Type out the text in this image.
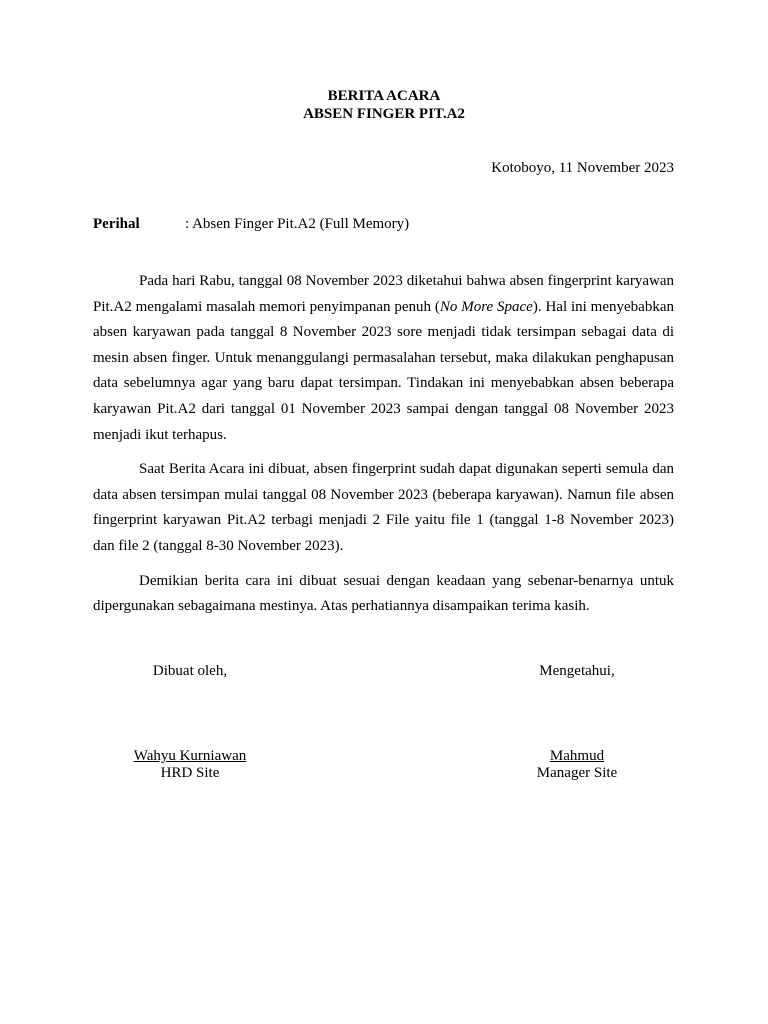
BERITA ACARA
ABSEN FINGER PIT.A2
Kotoboyo, 11 November 2023
Perihal	: Absen Finger Pit.A2 (Full Memory)

Pada hari Rabu, tanggal 08 November 2023 diketahui bahwa absen fingerprint karyawan Pit.A2 mengalami masalah memori penyimpanan penuh (No More Space). Hal ini menyebabkan absen karyawan pada tanggal 8 November 2023 sore menjadi tidak tersimpan sebagai data di mesin absen finger. Untuk menanggulangi permasalahan tersebut, maka dilakukan penghapusan data sebelumnya agar yang baru dapat tersimpan. Tindakan ini menyebabkan absen beberapa karyawan Pit.A2 dari tanggal 01 November 2023 sampai dengan tanggal 08 November 2023 menjadi ikut terhapus.

Saat Berita Acara ini dibuat, absen fingerprint sudah dapat digunakan seperti semula dan data absen tersimpan mulai tanggal 08 November 2023 (beberapa karyawan). Namun file absen fingerprint karyawan Pit.A2 terbagi menjadi 2 File yaitu file 1 (tanggal 1-8 November 2023) dan file 2 (tanggal 8-30 November 2023).

Demikian berita cara ini dibuat sesuai dengan keadaan yang sebenar-benarnya untuk dipergunakan sebagaimana mestinya. Atas perhatiannya disampaikan terima kasih.

Dibuat oleh,
Wahyu Kurniawan
HRD Site
Mengetahui,
Mahmud
Manager Site
